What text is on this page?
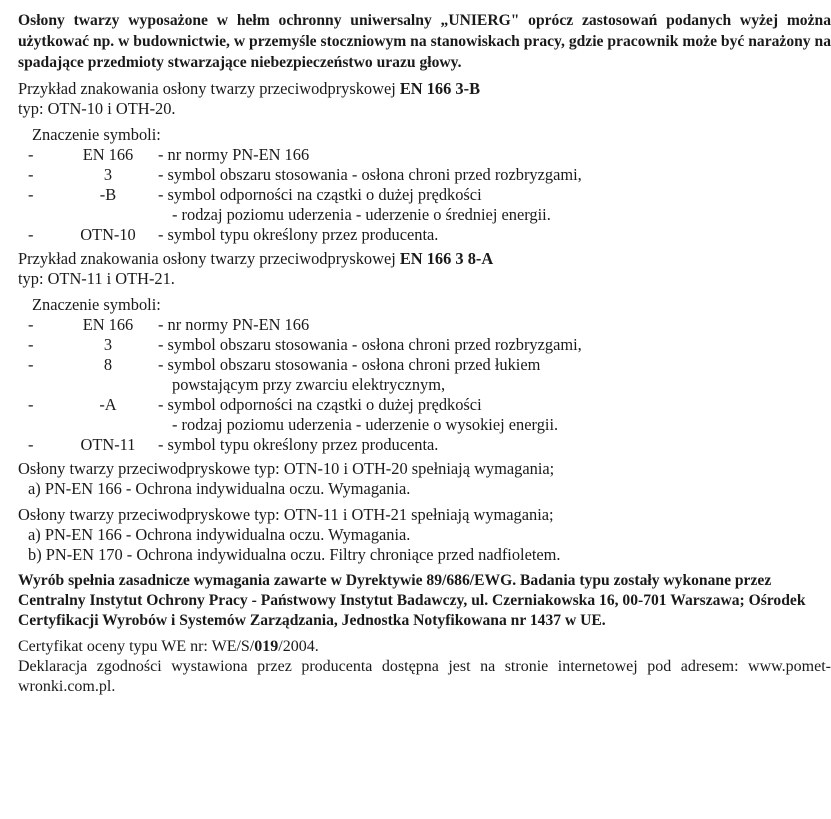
Osłony twarzy wyposażone w hełm ochronny uniwersalny „UNIERG" oprócz zastosowań podanych wyżej można użytkować np. w budownictwie, w przemyśle stoczniowym na stanowiskach pracy, gdzie pracownik może być narażony na spadające przedmioty stwarzające niebezpieczeństwo urazu głowy.

Przykład znakowania osłony twarzy przeciwodpryskowej EN 166 3-B

typ: OTN-10 i OTH-20.

Znaczenie symboli:

-	EN 166	- nr normy PN-EN 166
-	3	- symbol obszaru stosowania - osłona chroni przed rozbryzgami,
-	-B	- symbol odporności na cząstki o dużej prędkości
- rodzaj poziomu uderzenia - uderzenie o średniej energii.
-	OTN-10	- symbol typu określony przez producenta.

Przykład znakowania osłony twarzy przeciwodpryskowej EN 166 3 8-A

typ: OTN-11 i OTH-21.

Znaczenie symboli:

-	EN 166	- nr normy PN-EN 166
-	3	- symbol obszaru stosowania - osłona chroni przed rozbryzgami,
-	8	- symbol obszaru stosowania - osłona chroni przed łukiem
powstającym przy zwarciu elektrycznym,
-	-A	- symbol odporności na cząstki o dużej prędkości
- rodzaj poziomu uderzenia - uderzenie o wysokiej energii.
-	OTN-11	- symbol typu określony przez producenta.
Osłony twarzy przeciwodpryskowe typ: OTN-10 i OTH-20 spełniają wymagania;
a) PN-EN 166 - Ochrona indywidualna oczu. Wymagania.
Osłony twarzy przeciwodpryskowe typ: OTN-11 i OTH-21 spełniają wymagania;
a) PN-EN 166 - Ochrona indywidualna oczu. Wymagania.
b) PN-EN 170 - Ochrona indywidualna oczu. Filtry chroniące przed nadfioletem.

Wyrób spełnia zasadnicze wymagania zawarte w Dyrektywie 89/686/EWG. Badania typu zostały wykonane przez Centralny Instytut Ochrony Pracy - Państwowy Instytut Badawczy, ul. Czerniakowska 16, 00-701 Warszawa; Ośrodek Certyfikacji Wyrobów i Systemów Zarządzania, Jednostka Notyfikowana nr 1437 w UE.

Certyfikat oceny typu WE nr: WE/S/019/2004.

Deklaracja zgodności wystawiona przez producenta dostępna jest na stronie internetowej pod adresem: www.pomet-wronki.com.pl.
